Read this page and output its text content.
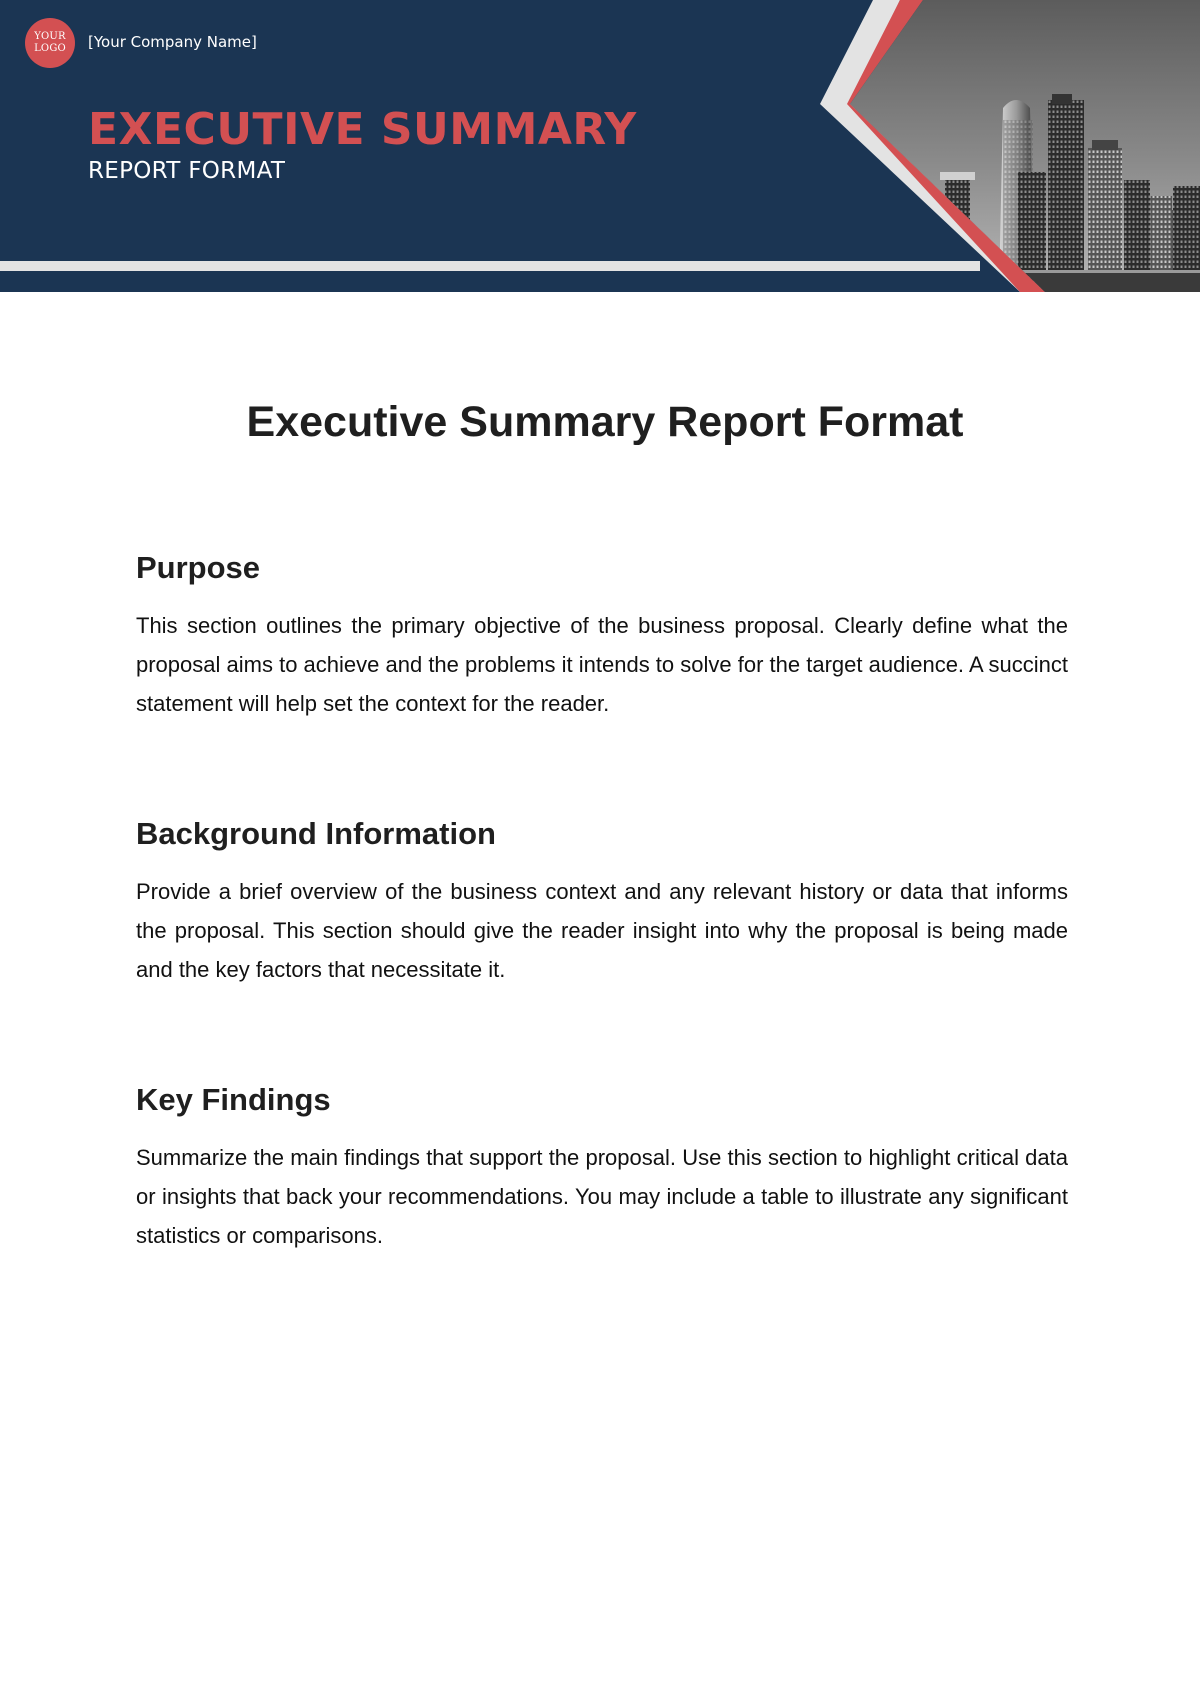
YOUR
LOGO [Your Company Name]
EXECUTIVE SUMMARY
REPORT FORMAT
Executive Summary Report Format
Purpose

This section outlines the primary objective of the business proposal. Clearly define what the proposal aims to achieve and the problems it intends to solve for the target audience. A succinct statement will help set the context for the reader.

Background Information

Provide a brief overview of the business context and any relevant history or data that informs the proposal. This section should give the reader insight into why the proposal is being made and the key factors that necessitate it.

Key Findings

Summarize the main findings that support the proposal. Use this section to highlight critical data or insights that back your recommendations. You may include a table to illustrate any significant statistics or comparisons.
